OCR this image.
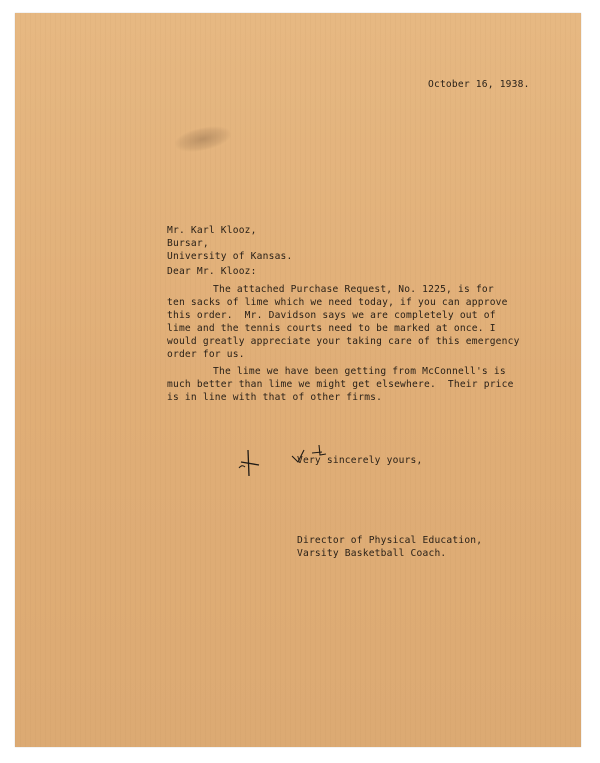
October 16, 1938.
Mr. Karl Klooz,
Bursar,
University of Kansas.
Dear Mr. Klooz:
The attached Purchase Request, No. 1225, is for
ten sacks of lime which we need today, if you can approve
this order.  Mr. Davidson says we are completely out of
lime and the tennis courts need to be marked at once. I
would greatly appreciate your taking care of this emergency
order for us.
The lime we have been getting from McConnell's is
much better than lime we might get elsewhere.  Their price
is in line with that of other firms.
Very sincerely yours,
Director of Physical Education,
Varsity Basketball Coach.
